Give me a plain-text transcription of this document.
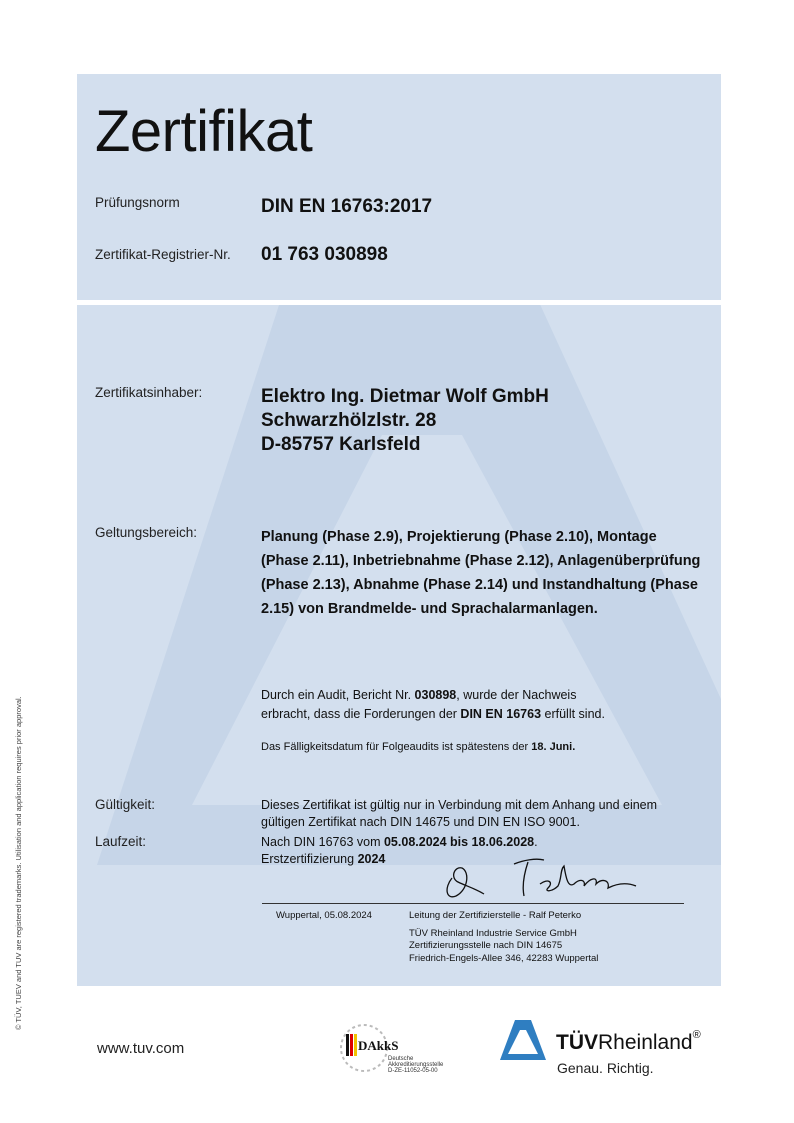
© TÜV, TUEV and TUV are registered trademarks. Utilisation and application requires prior approval.
Zertifikat
Prüfungsnorm	DIN EN 16763:2017
Zertifikat-Registrier-Nr. 01 763 030898
Zertifikatsinhaber:	Elektro Ing. Dietmar Wolf GmbH
Schwarzhölzlstr. 28
D-85757 Karlsfeld
Geltungsbereich:	Planung (Phase 2.9), Projektierung (Phase 2.10), Montage (Phase 2.11), Inbetriebnahme (Phase 2.12), Anlagenüberprüfung (Phase 2.13), Abnahme (Phase 2.14) und Instandhaltung (Phase 2.15) von Brandmelde- und Sprachalarmanlagen.
Durch ein Audit, Bericht Nr. 030898, wurde der Nachweis
erbracht, dass die Forderungen der DIN EN 16763 erfüllt sind.
Das Fälligkeitsdatum für Folgeaudits ist spätestens der 18. Juni.
Gültigkeit:	Dieses Zertifikat ist gültig nur in Verbindung mit dem Anhang und einem gültigen Zertifikat nach DIN 14675 und DIN EN ISO 9001.
Laufzeit:	Nach DIN 16763 vom 05.08.2024 bis 18.06.2028.
Erstzertifizierung 2024
Wuppertal, 05.08.2024	Leitung der Zertifizierstelle - Ralf Peterko
TÜV Rheinland Industrie Service GmbH
Zertifizierungsstelle nach DIN 14675
Friedrich-Engels-Allee 346, 42283 Wuppertal
www.tuv.com	DAkkS
Deutsche
Akkreditierungsstelle
D-ZE-11052-05-00
TÜVRheinland®
Genau. Richtig.
